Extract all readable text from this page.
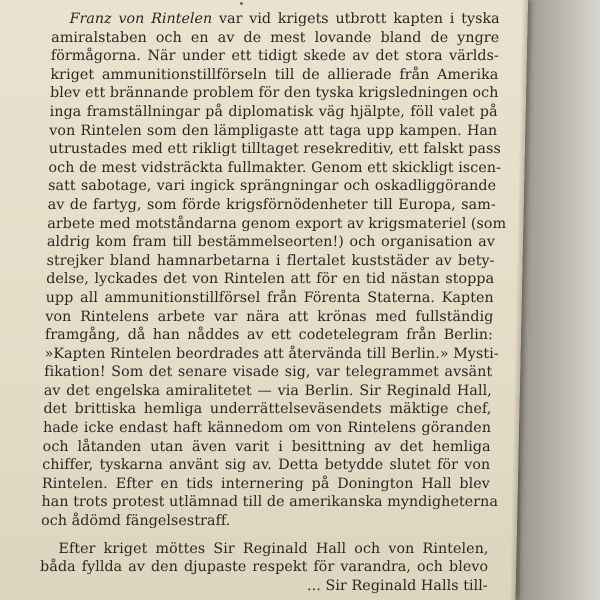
Franz von Rintelen var vid krigets utbrott kapten i tyska
amiralstaben och en av de mest lovande bland de yngre
förmågorna. När under ett tidigt skede av det stora världs-
kriget ammunitionstillförseln till de allierade från Amerika
blev ett brännande problem för den tyska krigsledningen och
inga framställningar på diplomatisk väg hjälpte, föll valet på
von Rintelen som den lämpligaste att taga upp kampen. Han
utrustades med ett rikligt tilltaget resekreditiv, ett falskt pass
och de mest vidsträckta fullmakter. Genom ett skickligt iscen-
satt sabotage, vari ingick sprängningar och oskadliggörande
av de fartyg, som förde krigsförnödenheter till Europa, sam-
arbete med motståndarna genom export av krigsmateriel (som
aldrig kom fram till bestämmelseorten!) och organisation av
strejker bland hamnarbetarna i flertalet kuststäder av bety-
delse, lyckades det von Rintelen att för en tid nästan stoppa
upp all ammunitionstillförsel från Förenta Staterna. Kapten
von Rintelens arbete var nära att krönas med fullständig
framgång, då han nåddes av ett codetelegram från Berlin:
»Kapten Rintelen beordrades att återvända till Berlin.» Mysti-
fikation! Som det senare visade sig, var telegrammet avsänt
av det engelska amiralitetet — via Berlin. Sir Reginald Hall,
det brittiska hemliga underrättelseväsendets mäktige chef,
hade icke endast haft kännedom om von Rintelens göranden
och låtanden utan även varit i besittning av det hemliga
chiffer, tyskarna använt sig av. Detta betydde slutet för von
Rintelen. Efter en tids internering på Donington Hall blev
han trots protest utlämnad till de amerikanska myndigheterna
och ådömd fängelsestraff.
Efter kriget möttes Sir Reginald Hall och von Rintelen,
båda fyllda av den djupaste respekt för varandra, och blevo
... Sir Reginald Halls till-
